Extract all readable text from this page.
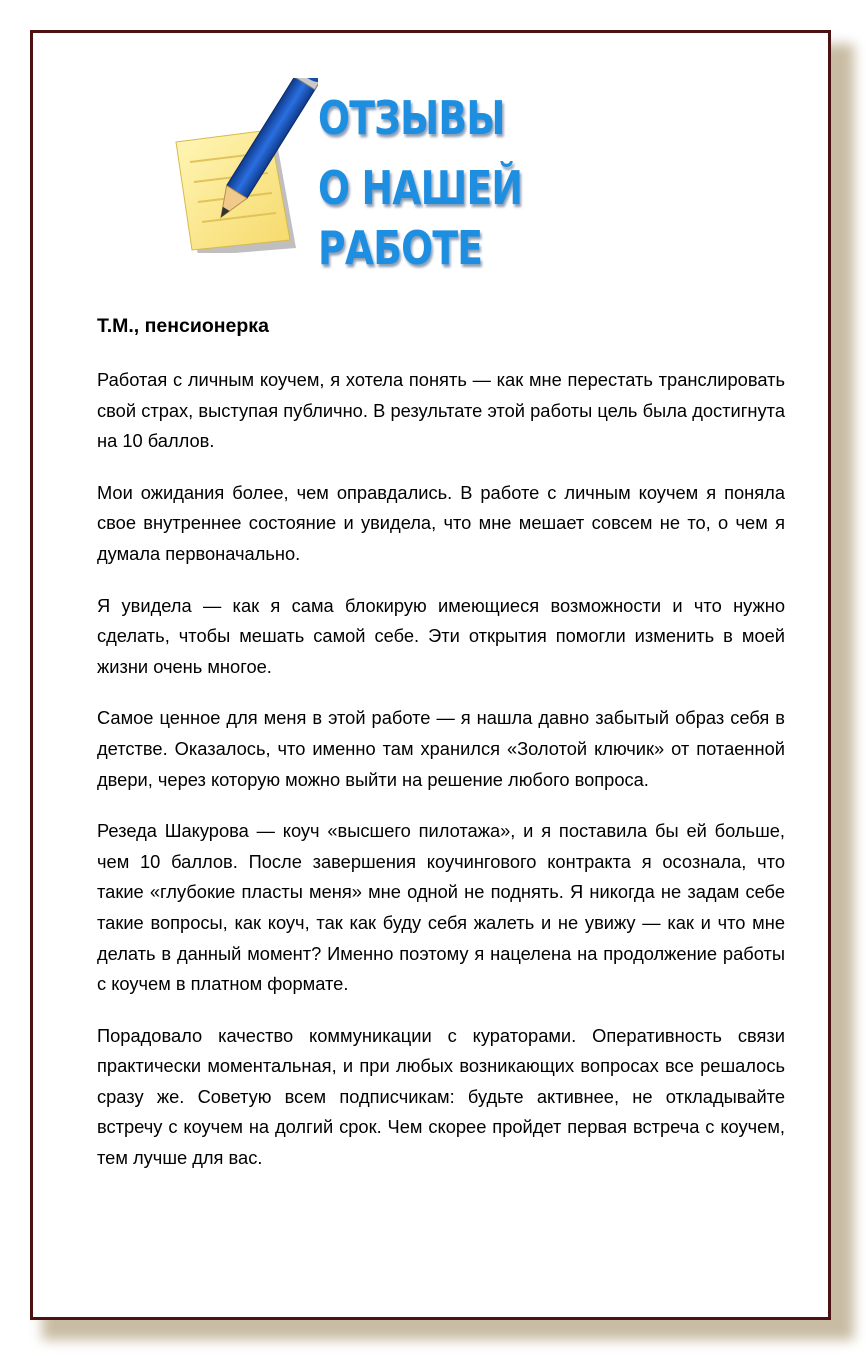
ОТЗЫВЫ
О НАШЕЙ РАБОТЕ

Т.М., пенсионерка

Работая с личным коучем, я хотела понять — как мне перестать транслировать свой страх, выступая публично. В результате этой работы цель была достигнута на 10 баллов.

Мои ожидания более, чем оправдались. В работе с личным коучем я поняла свое внутреннее состояние и увидела, что мне мешает совсем не то, о чем я думала первоначально.

Я увидела — как я сама блокирую имеющиеся возможности и что нужно сделать, чтобы мешать самой себе. Эти открытия помогли изменить в моей жизни очень многое.

Самое ценное для меня в этой работе — я нашла давно забытый образ себя в детстве. Оказалось, что именно там хранился «Золотой ключик» от потаенной двери, через которую можно выйти на решение любого вопроса.

Резеда Шакурова — коуч «высшего пилотажа», и я поставила бы ей больше, чем 10 баллов. После завершения коучингового контракта я осознала, что такие «глубокие пласты меня» мне одной не поднять. Я никогда не задам себе такие вопросы, как коуч, так как буду себя жалеть и не увижу — как и что мне делать в данный момент? Именно поэтому я нацелена на продолжение работы с коучем в платном формате.

Порадовало качество коммуникации с кураторами. Оперативность связи практически моментальная, и при любых возникающих вопросах все решалось сразу же. Советую всем подписчикам: будьте активнее, не откладывайте встречу с коучем на долгий срок. Чем скорее пройдет первая встреча с коучем, тем лучше для вас.
